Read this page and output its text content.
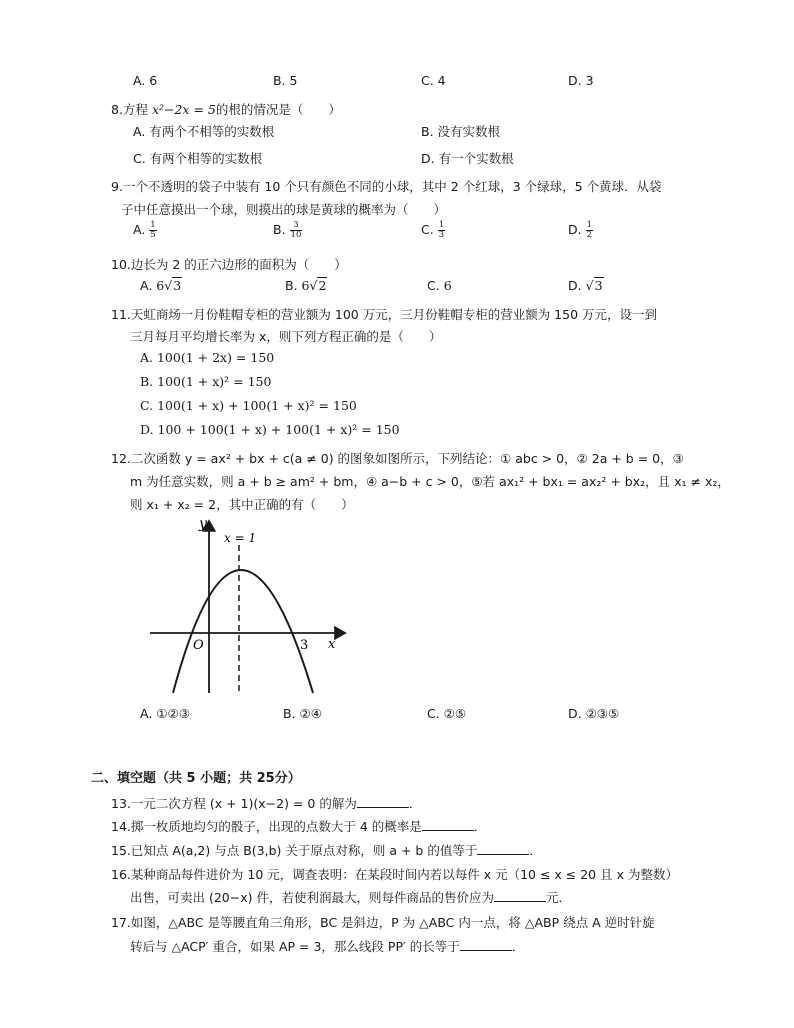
A. 6	B. 5	C. 4	D. 3
8.方程 x²−2x = 5的根的情况是（　　）
A. 有两个不相等的实数根	B. 没有实数根
C. 有两个相等的实数根	D. 有一个实数根
9.一个不透明的袋子中装有 10 个只有颜色不同的小球，其中 2 个红球，3 个绿球，5 个黄球．从袋
子中任意摸出一个球，则摸出的球是黄球的概率为（　　）
A. $\frac{1}{5}$	B. $\frac{3}{10}$	C. $\frac{1}{3}$	D. $\frac{1}{2}$
10.边长为 2 的正六边形的面积为（　　）
A. 6√3	B. 6√2	C. 6	D. √3
11.天虹商场一月份鞋帽专柜的营业额为 100 万元，三月份鞋帽专柜的营业额为 150 万元，设一到
三月每月平均增长率为 x，则下列方程正确的是（　　）
A. 100(1 + 2x) = 150
B. 100(1 + x)² = 150
C. 100(1 + x) + 100(1 + x)² = 150
D. 100 + 100(1 + x) + 100(1 + x)² = 150
12.二次函数 y = ax² + bx + c(a ≠ 0) 的图象如图所示，下列结论：① abc > 0，② 2a + b = 0，③
m 为任意实数，则 a + b ≥ am² + bm，④ a−b + c > 0，⑤若 ax₁² + bx₁ = ax₂² + bx₂，且 x₁ ≠ x₂，
则 x₁ + x₂ = 2，其中正确的有（　　）
y
x
O
x = 1
3
A. ①②③	B. ②④	C. ②⑤	D. ②③⑤
二、填空题（共 5 小题；共 25分）
13.一元二次方程 (x + 1)(x−2) = 0 的解为	．
14.掷一枚质地均匀的骰子，出现的点数大于 4 的概率是	．
15.已知点 A(a,2) 与点 B(3,b) 关于原点对称，则 a + b 的值等于	．
16.某种商品每件进价为 10 元，调查表明：在某段时间内若以每件 x 元（10 ≤ x ≤ 20 且 x 为整数）
出售，可卖出 (20−x) 件，若使利润最大，则每件商品的售价应为	元．
17.如图，△ABC 是等腰直角三角形，BC 是斜边，P 为 △ABC 内一点，将 △ABP 绕点 A 逆时针旋
转后与 △ACP′ 重合，如果 AP = 3，那么线段 PP′ 的长等于	．
